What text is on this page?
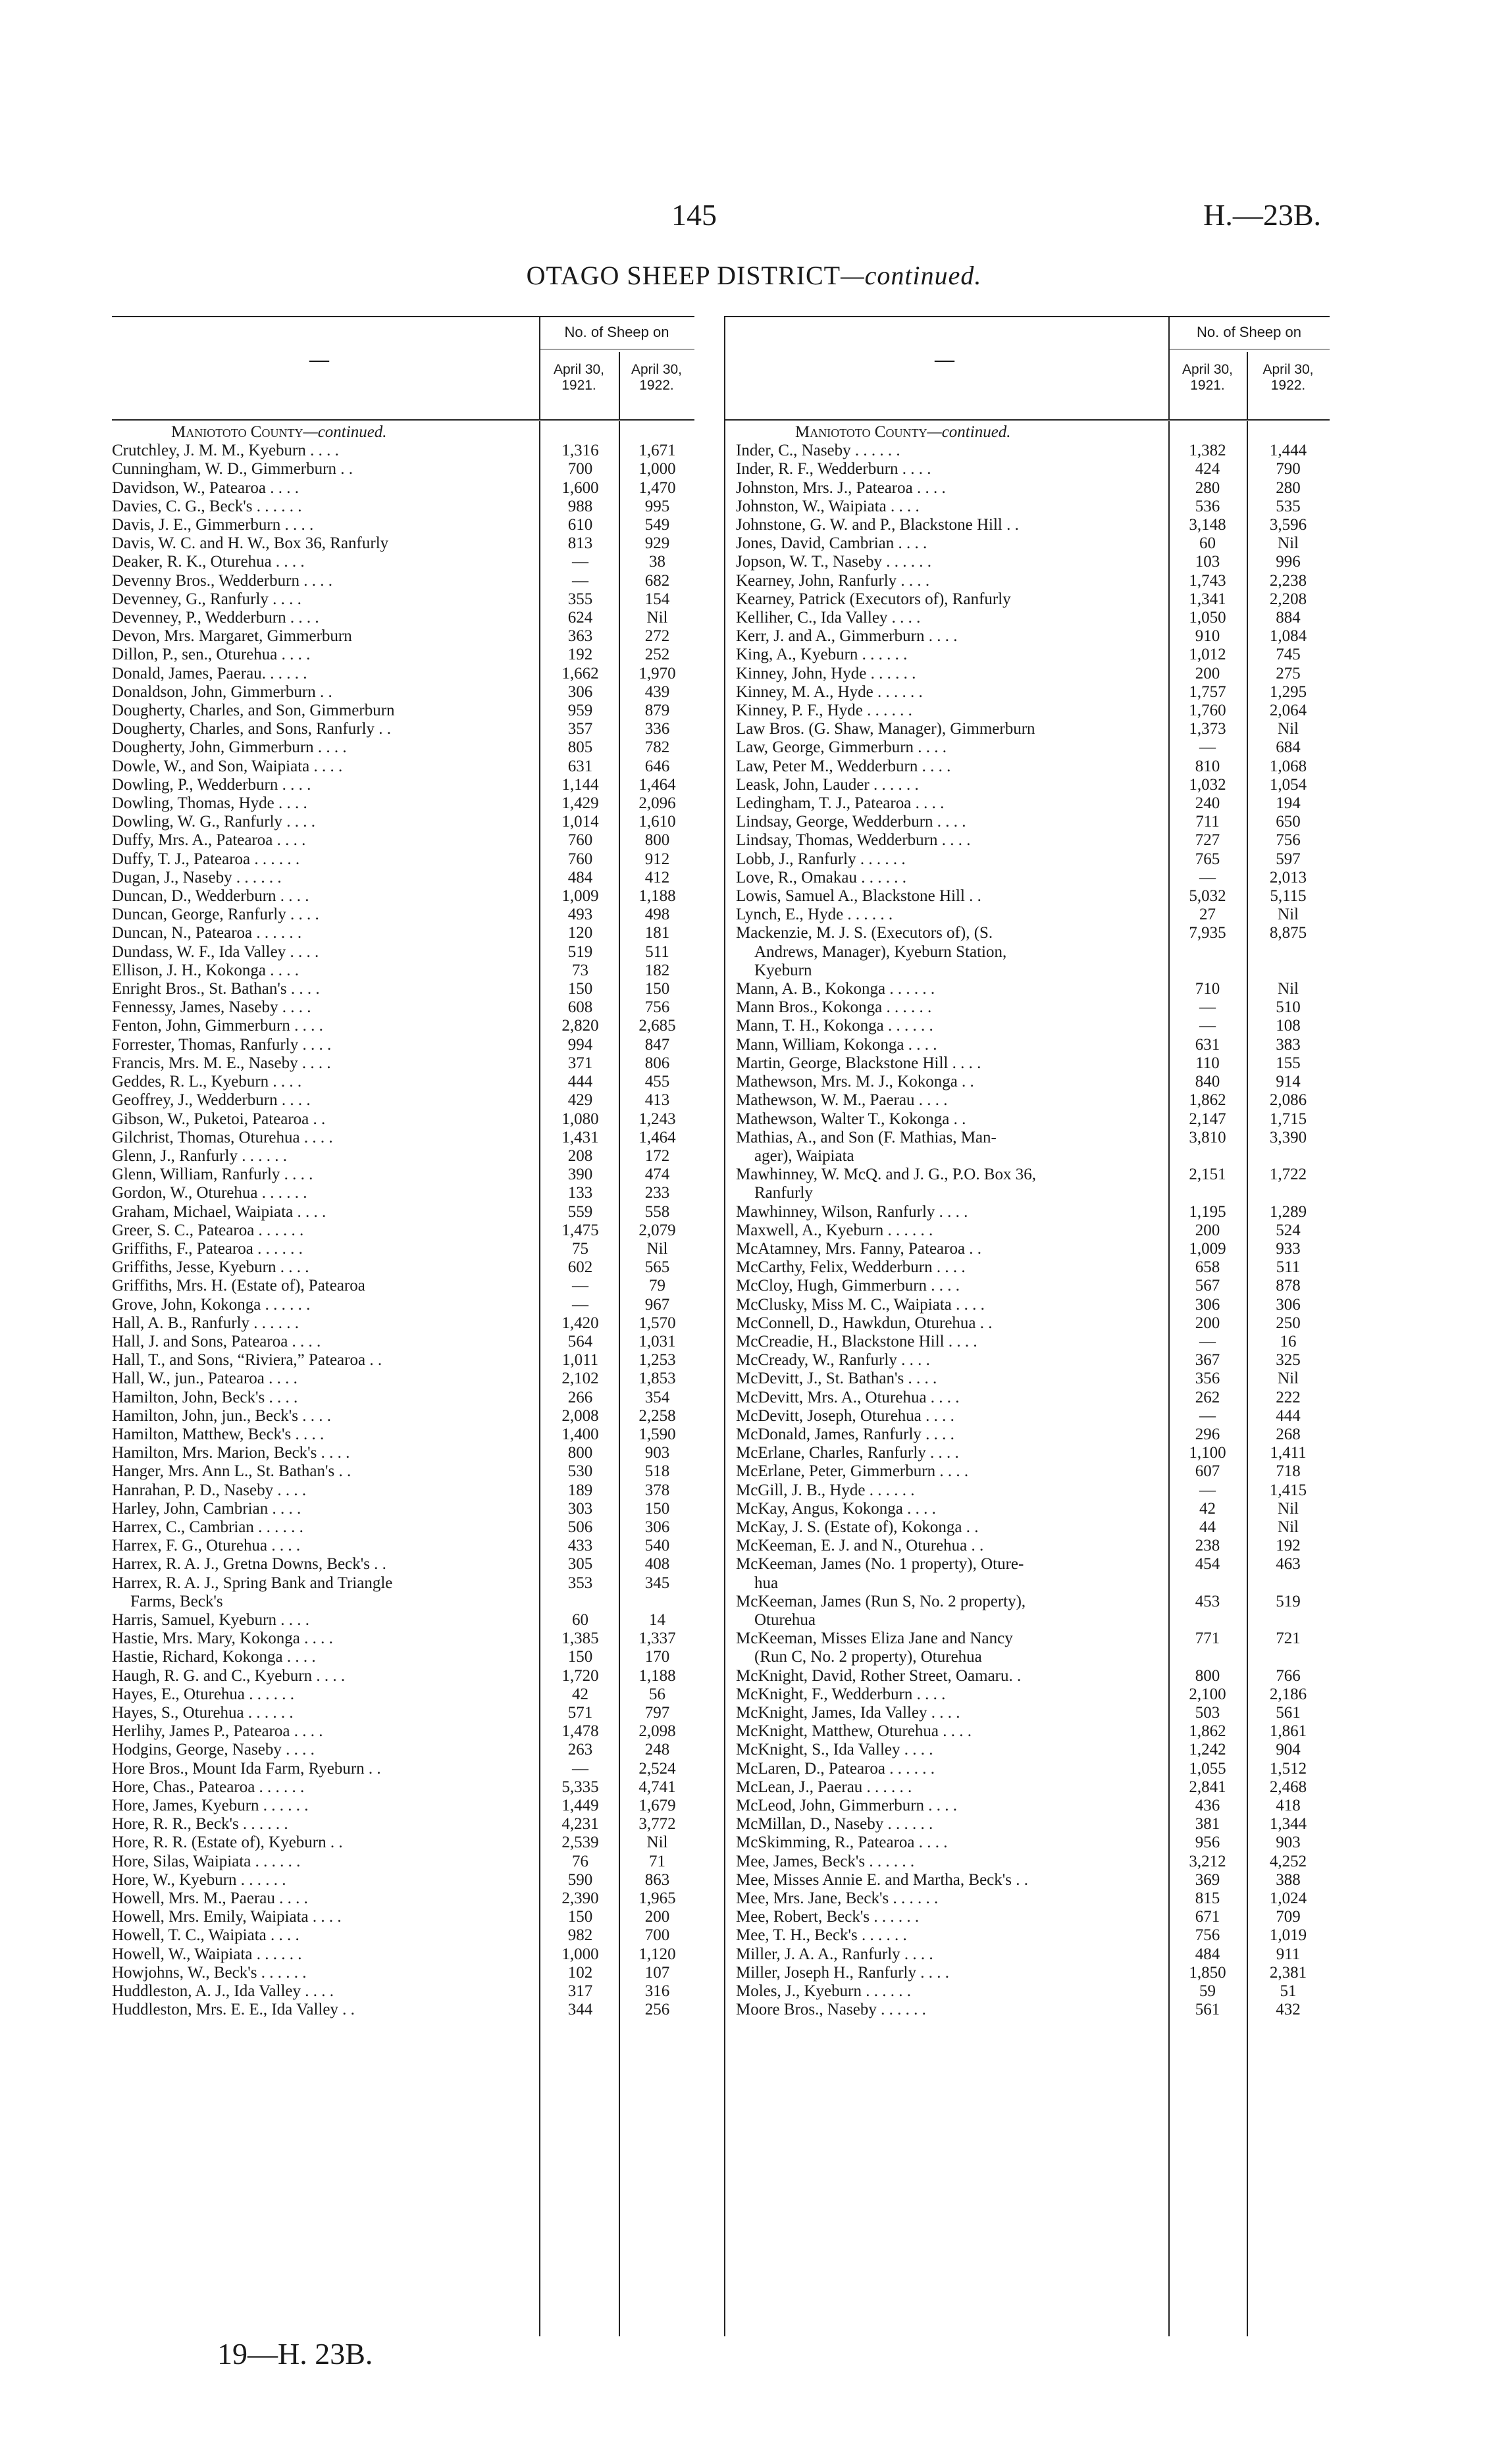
145	H.—23B.
OTAGO SHEEP DISTRICT—continued.
—
No. of Sheep on
April 30,
1921.
April 30,
1922.
Maniototo County—continued.
Crutchley, J. M. M., Kyeburn . . . .	1,316	1,671
Cunningham, W. D., Gimmerburn . .	700	1,000
Davidson, W., Patearoa . . . .	1,600	1,470
Davies, C. G., Beck's . . . . . .	988	995
Davis, J. E., Gimmerburn . . . .	610	549
Davis, W. C. and H. W., Box 36, Ranfurly	813	929
Deaker, R. K., Oturehua . . . .	—	38
Devenny Bros., Wedderburn . . . .	—	682
Devenney, G., Ranfurly . . . .	355	154
Devenney, P., Wedderburn . . . .	624	Nil
Devon, Mrs. Margaret, Gimmerburn	363	272
Dillon, P., sen., Oturehua . . . .	192	252
Donald, James, Paerau. . . . . .	1,662	1,970
Donaldson, John, Gimmerburn . .	306	439
Dougherty, Charles, and Son, Gimmerburn	959	879
Dougherty, Charles, and Sons, Ranfurly . .	357	336
Dougherty, John, Gimmerburn . . . .	805	782
Dowle, W., and Son, Waipiata . . . .	631	646
Dowling, P., Wedderburn . . . .	1,144	1,464
Dowling, Thomas, Hyde . . . .	1,429	2,096
Dowling, W. G., Ranfurly . . . .	1,014	1,610
Duffy, Mrs. A., Patearoa . . . .	760	800
Duffy, T. J., Patearoa . . . . . .	760	912
Dugan, J., Naseby . . . . . .	484	412
Duncan, D., Wedderburn . . . .	1,009	1,188
Duncan, George, Ranfurly . . . .	493	498
Duncan, N., Patearoa . . . . . .	120	181
Dundass, W. F., Ida Valley . . . .	519	511
Ellison, J. H., Kokonga . . . .	73	182
Enright Bros., St. Bathan's . . . .	150	150
Fennessy, James, Naseby . . . .	608	756
Fenton, John, Gimmerburn . . . .	2,820	2,685
Forrester, Thomas, Ranfurly . . . .	994	847
Francis, Mrs. M. E., Naseby . . . .	371	806
Geddes, R. L., Kyeburn . . . .	444	455
Geoffrey, J., Wedderburn . . . .	429	413
Gibson, W., Puketoi, Patearoa . .	1,080	1,243
Gilchrist, Thomas, Oturehua . . . .	1,431	1,464
Glenn, J., Ranfurly . . . . . .	208	172
Glenn, William, Ranfurly . . . .	390	474
Gordon, W., Oturehua . . . . . .	133	233
Graham, Michael, Waipiata . . . .	559	558
Greer, S. C., Patearoa . . . . . .	1,475	2,079
Griffiths, F., Patearoa . . . . . .	75	Nil
Griffiths, Jesse, Kyeburn . . . .	602	565
Griffiths, Mrs. H. (Estate of), Patearoa	—	79
Grove, John, Kokonga . . . . . .	—	967
Hall, A. B., Ranfurly . . . . . .	1,420	1,570
Hall, J. and Sons, Patearoa . . . .	564	1,031
Hall, T., and Sons, “Riviera,” Patearoa . .	1,011	1,253
Hall, W., jun., Patearoa . . . .	2,102	1,853
Hamilton, John, Beck's . . . .	266	354
Hamilton, John, jun., Beck's . . . .	2,008	2,258
Hamilton, Matthew, Beck's . . . .	1,400	1,590
Hamilton, Mrs. Marion, Beck's . . . .	800	903
Hanger, Mrs. Ann L., St. Bathan's . .	530	518
Hanrahan, P. D., Naseby . . . .	189	378
Harley, John, Cambrian . . . .	303	150
Harrex, C., Cambrian . . . . . .	506	306
Harrex, F. G., Oturehua . . . .	433	540
Harrex, R. A. J., Gretna Downs, Beck's . .	305	408
Harrex, R. A. J., Spring Bank and Triangle	353	345
Farms, Beck's
Harris, Samuel, Kyeburn . . . .	60	14
Hastie, Mrs. Mary, Kokonga . . . .	1,385	1,337
Hastie, Richard, Kokonga . . . .	150	170
Haugh, R. G. and C., Kyeburn . . . .	1,720	1,188
Hayes, E., Oturehua . . . . . .	42	56
Hayes, S., Oturehua . . . . . .	571	797
Herlihy, James P., Patearoa . . . .	1,478	2,098
Hodgins, George, Naseby . . . .	263	248
Hore Bros., Mount Ida Farm, Ryeburn . .	—	2,524
Hore, Chas., Patearoa . . . . . .	5,335	4,741
Hore, James, Kyeburn . . . . . .	1,449	1,679
Hore, R. R., Beck's . . . . . .	4,231	3,772
Hore, R. R. (Estate of), Kyeburn . .	2,539	Nil
Hore, Silas, Waipiata . . . . . .	76	71
Hore, W., Kyeburn . . . . . .	590	863
Howell, Mrs. M., Paerau . . . .	2,390	1,965
Howell, Mrs. Emily, Waipiata . . . .	150	200
Howell, T. C., Waipiata . . . .	982	700
Howell, W., Waipiata . . . . . .	1,000	1,120
Howjohns, W., Beck's . . . . . .	102	107
Huddleston, A. J., Ida Valley . . . .	317	316
Huddleston, Mrs. E. E., Ida Valley . .	344	256
—
No. of Sheep on
April 30,
1921.
April 30,
1922.
Maniototo County—continued.
Inder, C., Naseby . . . . . .	1,382	1,444
Inder, R. F., Wedderburn . . . .	424	790
Johnston, Mrs. J., Patearoa . . . .	280	280
Johnston, W., Waipiata . . . .	536	535
Johnstone, G. W. and P., Blackstone Hill . .	3,148	3,596
Jones, David, Cambrian . . . .	60	Nil
Jopson, W. T., Naseby . . . . . .	103	996
Kearney, John, Ranfurly . . . .	1,743	2,238
Kearney, Patrick (Executors of), Ranfurly	1,341	2,208
Kelliher, C., Ida Valley . . . .	1,050	884
Kerr, J. and A., Gimmerburn . . . .	910	1,084
King, A., Kyeburn . . . . . .	1,012	745
Kinney, John, Hyde . . . . . .	200	275
Kinney, M. A., Hyde . . . . . .	1,757	1,295
Kinney, P. F., Hyde . . . . . .	1,760	2,064
Law Bros. (G. Shaw, Manager), Gimmerburn	1,373	Nil
Law, George, Gimmerburn . . . .	—	684
Law, Peter M., Wedderburn . . . .	810	1,068
Leask, John, Lauder . . . . . .	1,032	1,054
Ledingham, T. J., Patearoa . . . .	240	194
Lindsay, George, Wedderburn . . . .	711	650
Lindsay, Thomas, Wedderburn . . . .	727	756
Lobb, J., Ranfurly . . . . . .	765	597
Love, R., Omakau . . . . . .	—	2,013
Lowis, Samuel A., Blackstone Hill . .	5,032	5,115
Lynch, E., Hyde . . . . . .	27	Nil
Mackenzie, M. J. S. (Executors of), (S.	7,935	8,875
Andrews, Manager), Kyeburn Station,
Kyeburn
Mann, A. B., Kokonga . . . . . .	710	Nil
Mann Bros., Kokonga . . . . . .	—	510
Mann, T. H., Kokonga . . . . . .	—	108
Mann, William, Kokonga . . . .	631	383
Martin, George, Blackstone Hill . . . .	110	155
Mathewson, Mrs. M. J., Kokonga . .	840	914
Mathewson, W. M., Paerau . . . .	1,862	2,086
Mathewson, Walter T., Kokonga . .	2,147	1,715
Mathias, A., and Son (F. Mathias, Man-	3,810	3,390
ager), Waipiata
Mawhinney, W. McQ. and J. G., P.O. Box 36,	2,151	1,722
Ranfurly
Mawhinney, Wilson, Ranfurly . . . .	1,195	1,289
Maxwell, A., Kyeburn . . . . . .	200	524
McAtamney, Mrs. Fanny, Patearoa . .	1,009	933
McCarthy, Felix, Wedderburn . . . .	658	511
McCloy, Hugh, Gimmerburn . . . .	567	878
McClusky, Miss M. C., Waipiata . . . .	306	306
McConnell, D., Hawkdun, Oturehua . .	200	250
McCreadie, H., Blackstone Hill . . . .	—	16
McCready, W., Ranfurly . . . .	367	325
McDevitt, J., St. Bathan's . . . .	356	Nil
McDevitt, Mrs. A., Oturehua . . . .	262	222
McDevitt, Joseph, Oturehua . . . .	—	444
McDonald, James, Ranfurly . . . .	296	268
McErlane, Charles, Ranfurly . . . .	1,100	1,411
McErlane, Peter, Gimmerburn . . . .	607	718
McGill, J. B., Hyde . . . . . .	—	1,415
McKay, Angus, Kokonga . . . .	42	Nil
McKay, J. S. (Estate of), Kokonga . .	44	Nil
McKeeman, E. J. and N., Oturehua . .	238	192
McKeeman, James (No. 1 property), Oture-	454	463
hua
McKeeman, James (Run S, No. 2 property),	453	519
Oturehua
McKeeman, Misses Eliza Jane and Nancy	771	721
(Run C, No. 2 property), Oturehua
McKnight, David, Rother Street, Oamaru. .	800	766
McKnight, F., Wedderburn . . . .	2,100	2,186
McKnight, James, Ida Valley . . . .	503	561
McKnight, Matthew, Oturehua . . . .	1,862	1,861
McKnight, S., Ida Valley . . . .	1,242	904
McLaren, D., Patearoa . . . . . .	1,055	1,512
McLean, J., Paerau . . . . . .	2,841	2,468
McLeod, John, Gimmerburn . . . .	436	418
McMillan, D., Naseby . . . . . .	381	1,344
McSkimming, R., Patearoa . . . .	956	903
Mee, James, Beck's . . . . . .	3,212	4,252
Mee, Misses Annie E. and Martha, Beck's . .	369	388
Mee, Mrs. Jane, Beck's . . . . . .	815	1,024
Mee, Robert, Beck's . . . . . .	671	709
Mee, T. H., Beck's . . . . . .	756	1,019
Miller, J. A. A., Ranfurly . . . .	484	911
Miller, Joseph H., Ranfurly . . . .	1,850	2,381
Moles, J., Kyeburn . . . . . .	59	51
Moore Bros., Naseby . . . . . .	561	432
19—H. 23B.
